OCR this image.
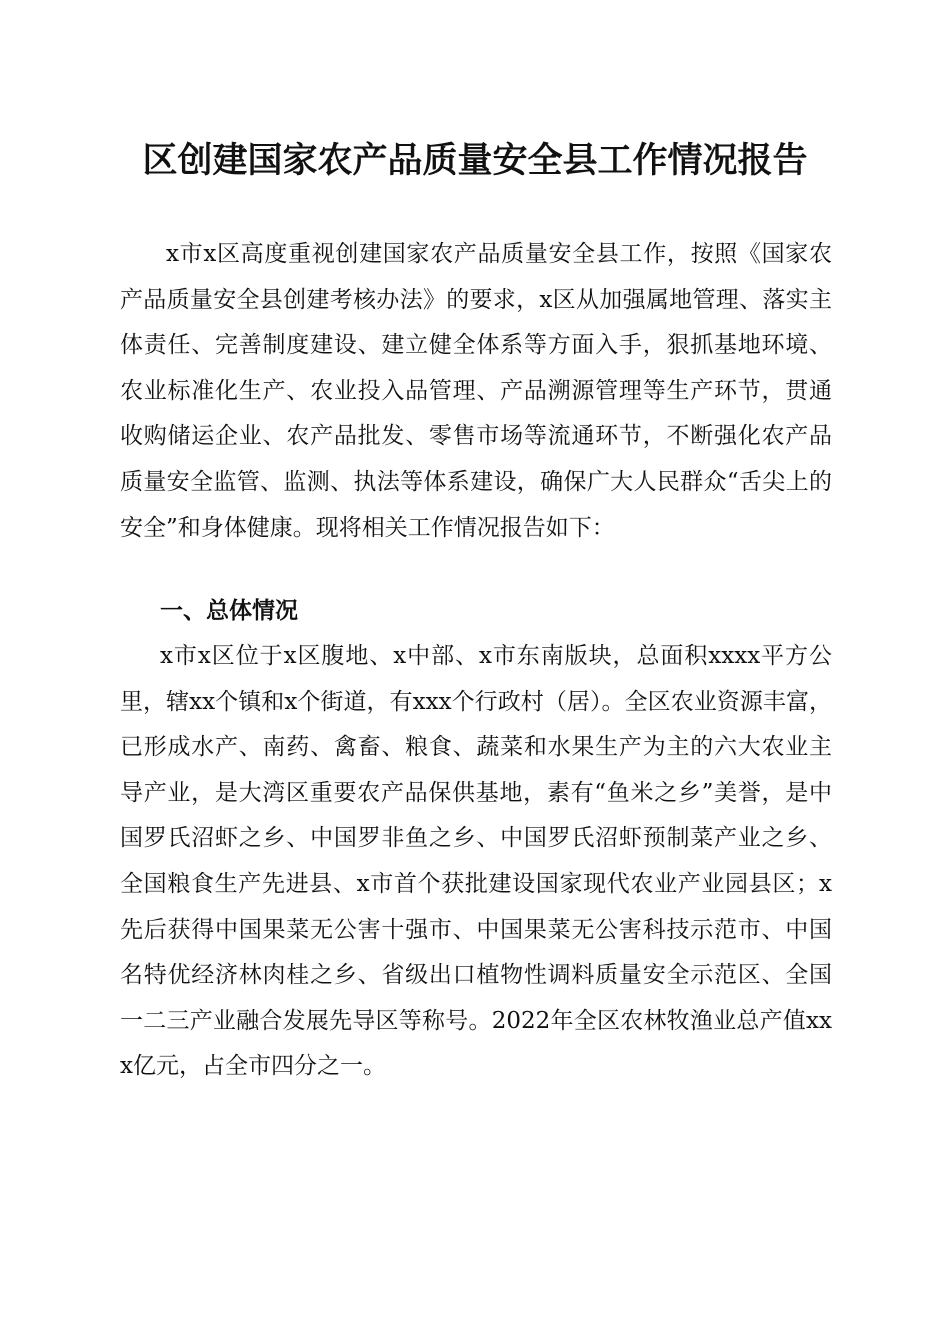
区创建国家农产品质量安全县工作情况报告

x市x区高度重视创建国家农产品质量安全县工作，按照《国家农产品质量安全县创建考核办法》的要求，x区从加强属地管理、落实主体责任、完善制度建设、建立健全体系等方面入手，狠抓基地环境、农业标准化生产、农业投入品管理、产品溯源管理等生产环节，贯通收购储运企业、农产品批发、零售市场等流通环节，不断强化农产品质量安全监管、监测、执法等体系建设，确保广大人民群众“舌尖上的安全”和身体健康。现将相关工作情况报告如下：

一、总体情况

x市x区位于x区腹地、x中部、x市东南版块，总面积xxxx平方公里，辖xx个镇和x个街道，有xxx个行政村（居）。全区农业资源丰富，已形成水产、南药、禽畜、粮食、蔬菜和水果生产为主的六大农业主导产业，是大湾区重要农产品保供基地，素有“鱼米之乡”美誉，是中国罗氏沼虾之乡、中国罗非鱼之乡、中国罗氏沼虾预制菜产业之乡、全国粮食生产先进县、x市首个获批建设国家现代农业产业园县区；x先后获得中国果菜无公害十强市、中国果菜无公害科技示范市、中国名特优经济林肉桂之乡、省级出口植物性调料质量安全示范区、全国一二三产业融合发展先导区等称号。2022年全区农林牧渔业总产值xxx亿元，占全市四分之一。
